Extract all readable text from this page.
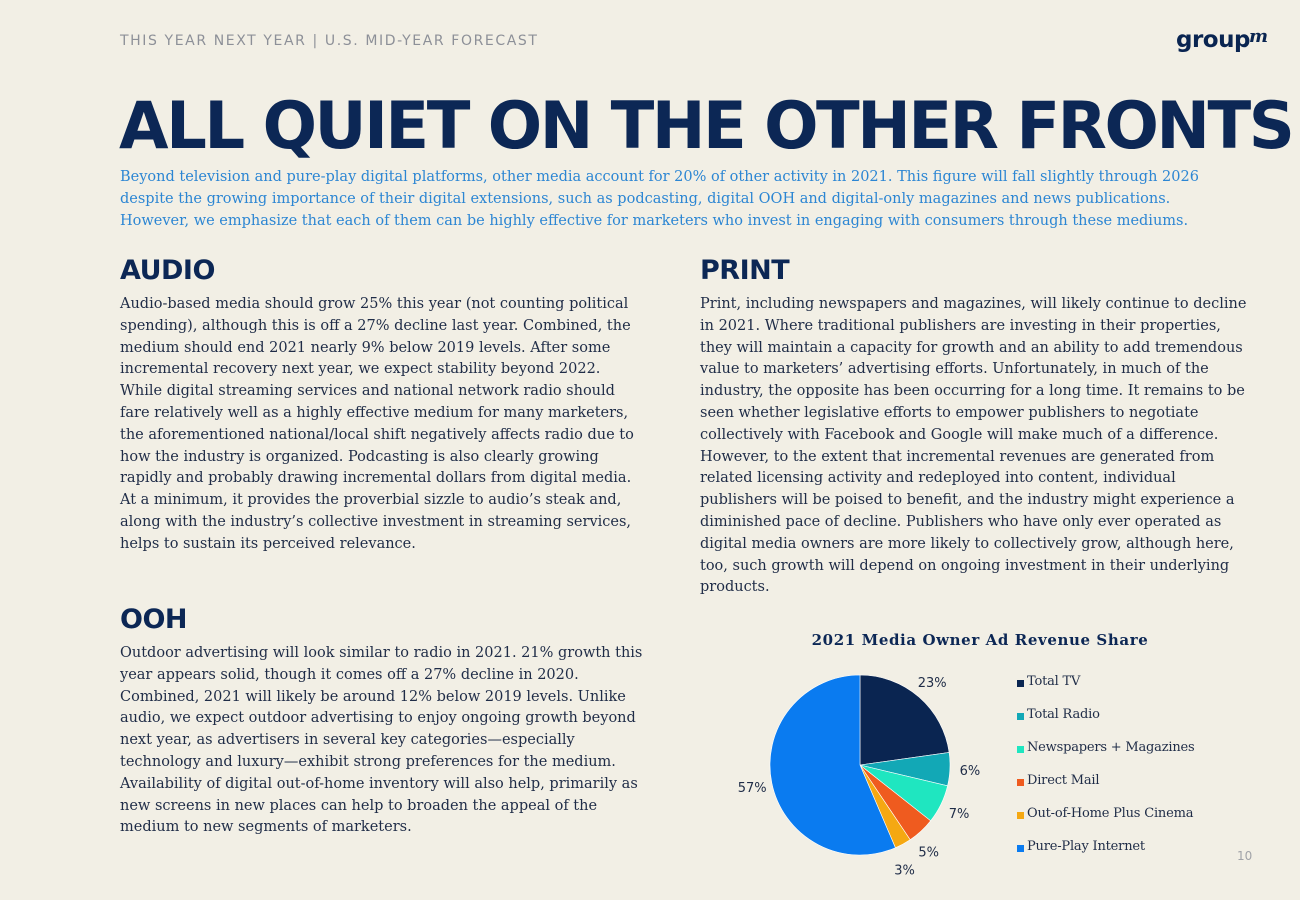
THIS YEAR NEXT YEAR | U.S. MID-YEAR FORECAST	group$^m$
ALL QUIET ON THE OTHER FRONTS
Beyond television and pure-play digital platforms, other media account for 20% of other activity in 2021. This figure will fall slightly through 2026 despite the growing importance of their digital extensions, such as podcasting, digital OOH and digital-only magazines and news publications. However, we emphasize that each of them can be highly effective for marketers who invest in engaging with consumers through these mediums.
AUDIO
Audio-based media should grow 25% this year (not counting political spending), although this is off a 27% decline last year. Combined, the medium should end 2021 nearly 9% below 2019 levels. After some incremental recovery next year, we expect stability beyond 2022. While digital streaming services and national network radio should fare relatively well as a highly effective medium for many marketers, the aforementioned national/local shift negatively affects radio due to how the industry is organized. Podcasting is also clearly growing rapidly and probably drawing incremental dollars from digital media. At a minimum, it provides the proverbial sizzle to audio’s steak and, along with the industry’s collective investment in streaming services, helps to sustain its perceived relevance.
PRINT
Print, including newspapers and magazines, will likely continue to decline in 2021. Where traditional publishers are investing in their properties, they will maintain a capacity for growth and an ability to add tremendous value to marketers’ advertising efforts. Unfortunately, in much of the industry, the opposite has been occurring for a long time. It remains to be seen whether legislative efforts to empower publishers to negotiate collectively with Facebook and Google will make much of a difference. However, to the extent that incremental revenues are generated from related licensing activity and redeployed into content, individual publishers will be poised to benefit, and the industry might experience a diminished pace of decline. Publishers who have only ever operated as digital media owners are more likely to collectively grow, although here, too, such growth will depend on ongoing investment in their underlying products.
OOH
Outdoor advertising will look similar to radio in 2021. 21% growth this year appears solid, though it comes off a 27% decline in 2020. Combined, 2021 will likely be around 12% below 2019 levels. Unlike audio, we expect outdoor advertising to enjoy ongoing growth beyond next year, as advertisers in several key categories—especially technology and luxury—exhibit strong preferences for the medium. Availability of digital out-of-home inventory will also help, primarily as new screens in new places can help to broaden the appeal of the medium to new segments of marketers.
2021 Media Owner Ad Revenue Share
23%
6%
7%
5%
3%
57%
Total TV
Total Radio
Newspapers + Magazines
Direct Mail
Out-of-Home Plus Cinema
Pure-Play Internet
10
